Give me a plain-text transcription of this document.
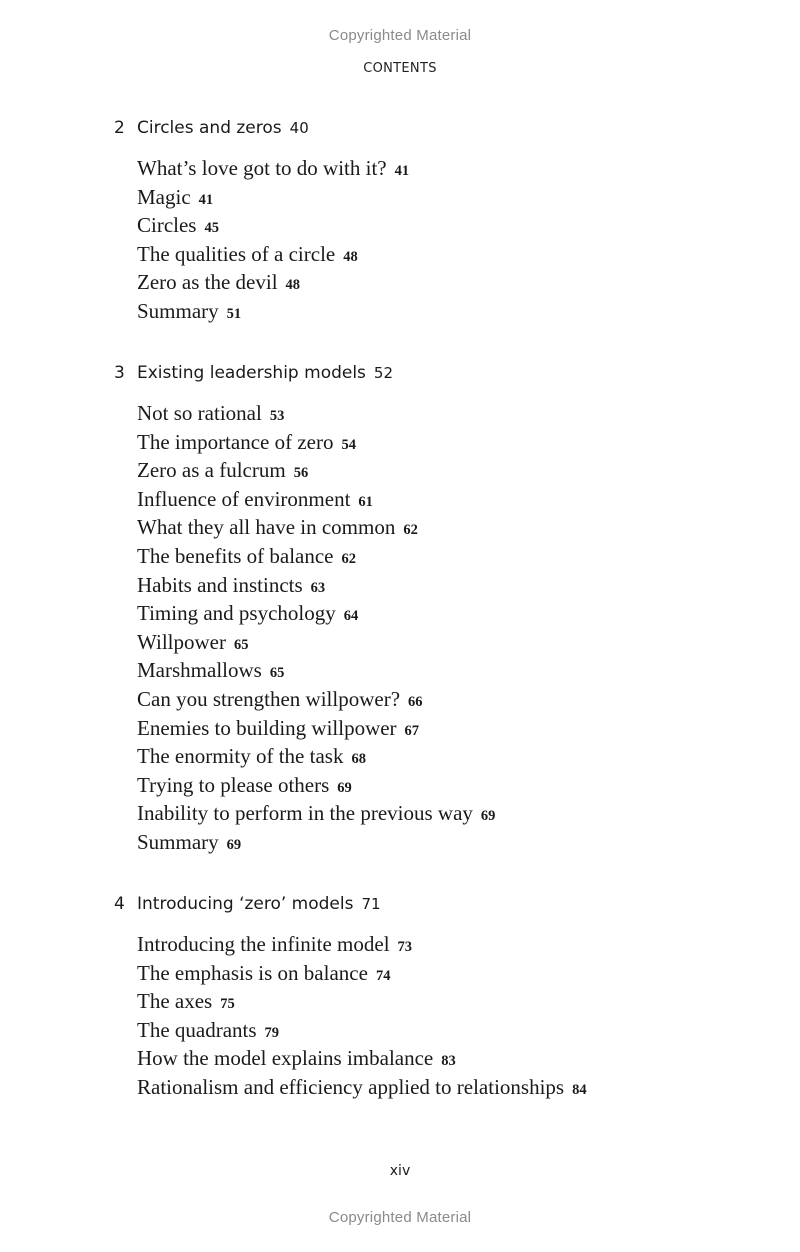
Copyrighted Material
CONTENTS
2 Circles and zeros 40
What’s love got to do with it? 41
Magic 41
Circles 45
The qualities of a circle 48
Zero as the devil 48
Summary 51
3 Existing leadership models 52
Not so rational 53
The importance of zero 54
Zero as a fulcrum 56
Influence of environment 61
What they all have in common 62
The benefits of balance 62
Habits and instincts 63
Timing and psychology 64
Willpower 65
Marshmallows 65
Can you strengthen willpower? 66
Enemies to building willpower 67
The enormity of the task 68
Trying to please others 69
Inability to perform in the previous way 69
Summary 69
4 Introducing ‘zero’ models 71
Introducing the infinite model 73
The emphasis is on balance 74
The axes 75
The quadrants 79
How the model explains imbalance 83
Rationalism and efficiency applied to relationships 84
xiv
Copyrighted Material
